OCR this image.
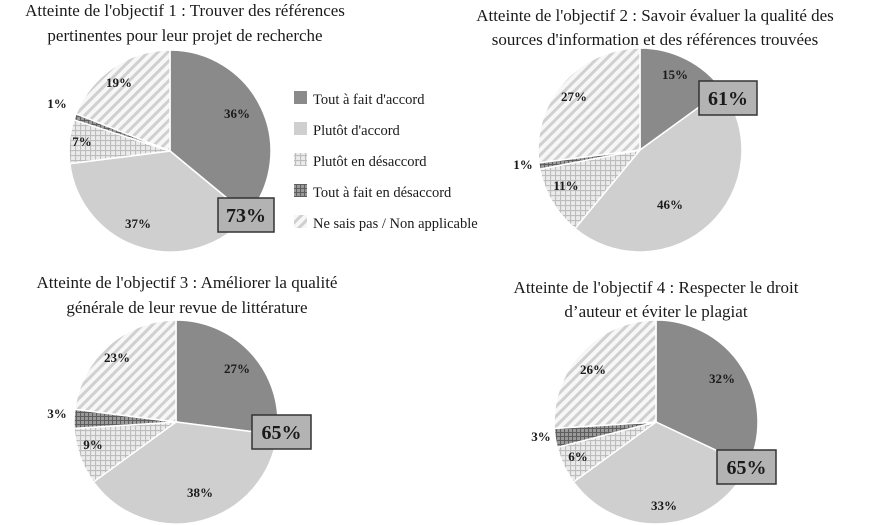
Atteinte de l'objectif 1 : Trouver des références
pertinentes pour leur projet de recherche
36%
37%
7%
1%
19%
73%
Atteinte de l'objectif 2 : Savoir évaluer la qualité des
sources d'information et des références trouvées
15%
46%
11%
1%
27%	61%
Atteinte de l'objectif 3 : Améliorer la qualité
générale de leur revue de littérature
27%
38%
9%
3%
23%
65%
Atteinte de l'objectif 4 : Respecter le droit
d’auteur et éviter le plagiat
32%
33%
6%
3%
26%
65%
Tout à fait d'accord
Plutôt d'accord
Plutôt en désaccord
Tout à fait en désaccord
Ne sais pas / Non applicable
